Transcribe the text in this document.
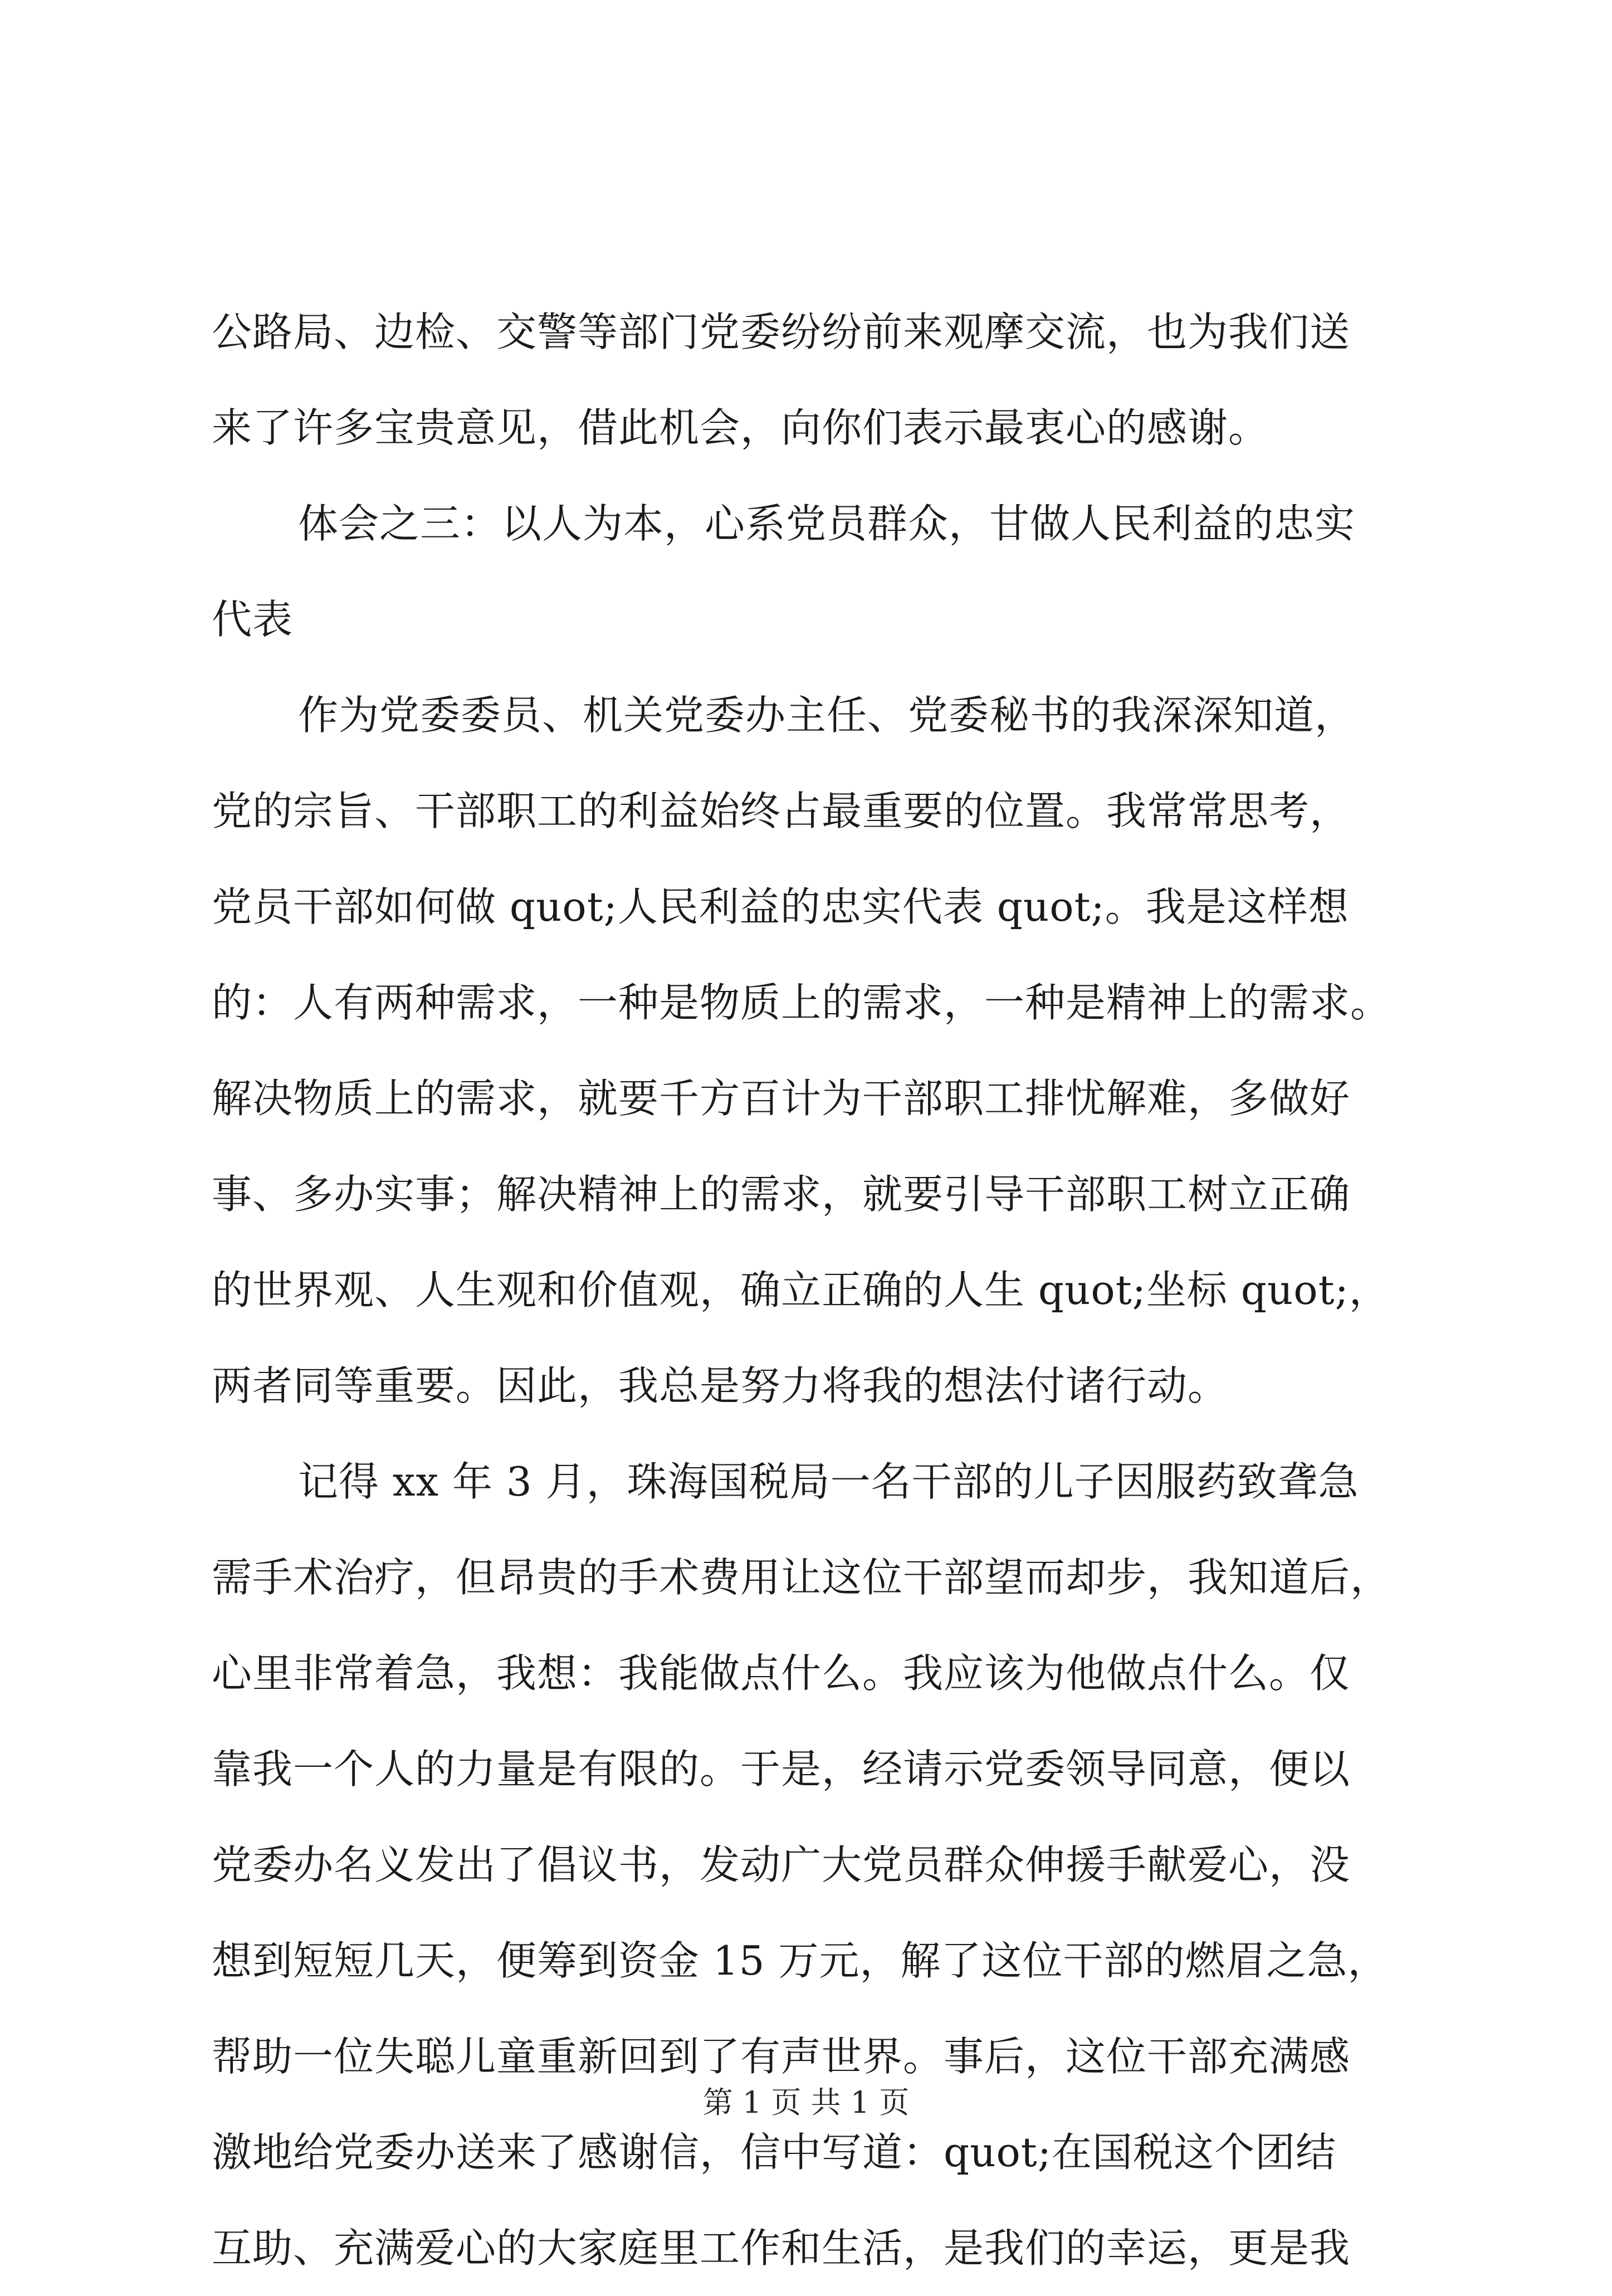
公路局、边检、交警等部门党委纷纷前来观摩交流，也为我们送
来了许多宝贵意见，借此机会，向你们表示最衷心的感谢。
体会之三：以人为本，心系党员群众，甘做人民利益的忠实
代表
作为党委委员、机关党委办主任、党委秘书的我深深知道，
党的宗旨、干部职工的利益始终占最重要的位置。我常常思考，
党员干部如何做 quot;人民利益的忠实代表 quot;。我是这样想
的：人有两种需求，一种是物质上的需求，一种是精神上的需求。
解决物质上的需求，就要千方百计为干部职工排忧解难，多做好
事、多办实事；解决精神上的需求，就要引导干部职工树立正确
的世界观、人生观和价值观，确立正确的人生 quot;坐标 quot;，
两者同等重要。因此，我总是努力将我的想法付诸行动。
记得 xx 年 3 月，珠海国税局一名干部的儿子因服药致聋急
需手术治疗，但昂贵的手术费用让这位干部望而却步，我知道后，
心里非常着急，我想：我能做点什么。我应该为他做点什么。仅
靠我一个人的力量是有限的。于是，经请示党委领导同意，便以
党委办名义发出了倡议书，发动广大党员群众伸援手献爱心，没
想到短短几天，便筹到资金 15 万元，解了这位干部的燃眉之急，
帮助一位失聪儿童重新回到了有声世界。事后，这位干部充满感
激地给党委办送来了感谢信，信中写道：quot;在国税这个团结
互助、充满爱心的大家庭里工作和生活，是我们的幸运，更是我
第 1 页 共 1 页
